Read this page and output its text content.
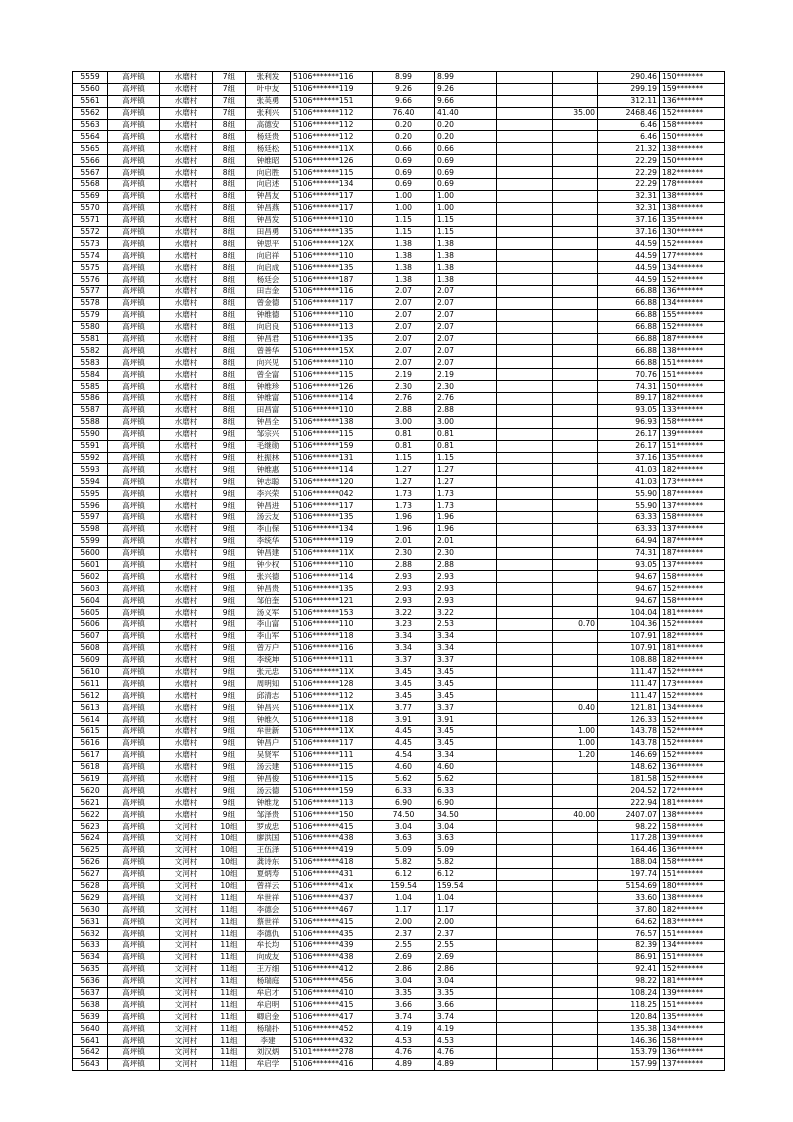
5559	高坪镇	水磨村	7组	张利发	5106*******116	8.99	8.99			290.46	150*******
5560	高坪镇	水磨村	7组	叶中友	5106*******119	9.26	9.26			299.19	159*******
5561	高坪镇	水磨村	7组	张英勇	5106*******151	9.66	9.66			312.11	136*******
5562	高坪镇	水磨村	7组	张利兴	5106*******112	76.40	41.40		35.00	2468.46	152*******
5563	高坪镇	水磨村	8组	高德安	5106*******112	0.20	0.20			6.46	158*******
5564	高坪镇	水磨村	8组	杨廷贵	5106*******112	0.20	0.20			6.46	150*******
5565	高坪镇	水磨村	8组	杨廷松	5106*******11X	0.66	0.66			21.32	138*******
5566	高坪镇	水磨村	8组	钟维昭	5106*******126	0.69	0.69			22.29	150*******
5567	高坪镇	水磨村	8组	向启胜	5106*******115	0.69	0.69			22.29	182*******
5568	高坪镇	水磨村	8组	向启述	5106*******134	0.69	0.69			22.29	178*******
5569	高坪镇	水磨村	8组	钟昌友	5106*******117	1.00	1.00			32.31	138*******
5570	高坪镇	水磨村	8组	钟昌燕	5106*******117	1.00	1.00			32.31	138*******
5571	高坪镇	水磨村	8组	钟昌发	5106*******110	1.15	1.15			37.16	135*******
5572	高坪镇	水磨村	8组	田昌勇	5106*******135	1.15	1.15			37.16	130*******
5573	高坪镇	水磨村	8组	钟思平	5106*******12X	1.38	1.38			44.59	152*******
5574	高坪镇	水磨村	8组	向启祥	5106*******110	1.38	1.38			44.59	177*******
5575	高坪镇	水磨村	8组	向启成	5106*******135	1.38	1.38			44.59	134*******
5576	高坪镇	水磨村	8组	杨廷会	5106*******187	1.38	1.38			44.59	152*******
5577	高坪镇	水磨村	8组	田吉金	5106*******116	2.07	2.07			66.88	136*******
5578	高坪镇	水磨村	8组	曾金德	5106*******117	2.07	2.07			66.88	134*******
5579	高坪镇	水磨村	8组	钟维德	5106*******110	2.07	2.07			66.88	155*******
5580	高坪镇	水磨村	8组	向启良	5106*******113	2.07	2.07			66.88	152*******
5581	高坪镇	水磨村	8组	钟昌君	5106*******135	2.07	2.07			66.88	187*******
5582	高坪镇	水磨村	8组	曾善华	5106*******15X	2.07	2.07			66.88	138*******
5583	高坪镇	水磨村	8组	向兴见	5106*******110	2.07	2.07			66.88	151*******
5584	高坪镇	水磨村	8组	曾全富	5106*******115	2.19	2.19			70.76	151*******
5585	高坪镇	水磨村	8组	钟维珍	5106*******126	2.30	2.30			74.31	150*******
5586	高坪镇	水磨村	8组	钟维富	5106*******114	2.76	2.76			89.17	182*******
5587	高坪镇	水磨村	8组	田昌富	5106*******110	2.88	2.88			93.05	133*******
5588	高坪镇	水磨村	8组	钟昌全	5106*******138	3.00	3.00			96.93	158*******
5590	高坪镇	水磨村	9组	邹宗兴	5106*******115	0.81	0.81			26.17	139*******
5591	高坪镇	水磨村	9组	毛继勋	5106*******159	0.81	0.81			26.17	151*******
5592	高坪镇	水磨村	9组	杜振林	5106*******131	1.15	1.15			37.16	135*******
5593	高坪镇	水磨村	9组	钟维惠	5106*******114	1.27	1.27			41.03	182*******
5594	高坪镇	水磨村	9组	钟志聪	5106*******120	1.27	1.27			41.03	173*******
5595	高坪镇	水磨村	9组	李兴荣	5106*******042	1.73	1.73			55.90	187*******
5596	高坪镇	水磨村	9组	钟昌进	5106*******117	1.73	1.73			55.90	137*******
5597	高坪镇	水磨村	9组	汤云友	5106*******135	1.96	1.96			63.33	158*******
5598	高坪镇	水磨村	9组	李山保	5106*******134	1.96	1.96			63.33	137*******
5599	高坪镇	水磨村	9组	李统华	5106*******119	2.01	2.01			64.94	187*******
5600	高坪镇	水磨村	9组	钟昌建	5106*******11X	2.30	2.30			74.31	187*******
5601	高坪镇	水磨村	9组	钟少权	5106*******110	2.88	2.88			93.05	137*******
5602	高坪镇	水磨村	9组	张兴德	5106*******114	2.93	2.93			94.67	158*******
5603	高坪镇	水磨村	9组	钟昌贵	5106*******135	2.93	2.93			94.67	152*******
5604	高坪镇	水磨村	9组	邹伯奎	5106*******121	2.93	2.93			94.67	158*******
5605	高坪镇	水磨村	9组	汤义军	5106*******153	3.22	3.22			104.04	181*******
5606	高坪镇	水磨村	9组	李山富	5106*******110	3.23	2.53		0.70	104.36	152*******
5607	高坪镇	水磨村	9组	李山军	5106*******118	3.34	3.34			107.91	182*******
5608	高坪镇	水磨村	9组	曾万户	5106*******116	3.34	3.34			107.91	181*******
5609	高坪镇	水磨村	9组	李统坤	5106*******111	3.37	3.37			108.88	182*******
5610	高坪镇	水磨村	9组	张元忠	5106*******11X	3.45	3.45			111.47	152*******
5611	高坪镇	水磨村	9组	周明知	5106*******128	3.45	3.45			111.47	173*******
5612	高坪镇	水磨村	9组	邱清志	5106*******112	3.45	3.45			111.47	152*******
5613	高坪镇	水磨村	9组	钟昌兴	5106*******11X	3.77	3.37		0.40	121.81	134*******
5614	高坪镇	水磨村	9组	钟维久	5106*******118	3.91	3.91			126.33	152*******
5615	高坪镇	水磨村	9组	牟世新	5106*******11X	4.45	3.45		1.00	143.78	152*******
5616	高坪镇	水磨村	9组	钟昌户	5106*******117	4.45	3.45		1.00	143.78	152*******
5617	高坪镇	水磨村	9组	吴贤军	5106*******111	4.54	3.34		1.20	146.69	152*******
5618	高坪镇	水磨村	9组	汤云建	5106*******115	4.60	4.60			148.62	136*******
5619	高坪镇	水磨村	9组	钟昌俊	5106*******115	5.62	5.62			181.58	152*******
5620	高坪镇	水磨村	9组	汤云德	5106*******159	6.33	6.33			204.52	172*******
5621	高坪镇	水磨村	9组	钟维龙	5106*******113	6.90	6.90			222.94	181*******
5622	高坪镇	水磨村	9组	邹泽贵	5106*******150	74.50	34.50		40.00	2407.07	138*******
5623	高坪镇	文河村	10组	罗成忠	5106*******415	3.04	3.04			98.22	158*******
5624	高坪镇	文河村	10组	廖洪国	5106*******438	3.63	3.63			117.28	139*******
5625	高坪镇	文河村	10组	王伍泽	5106*******419	5.09	5.09			164.46	136*******
5626	高坪镇	文河村	10组	龚诗东	5106*******418	5.82	5.82			188.04	158*******
5627	高坪镇	文河村	10组	夏炳寿	5106*******431	6.12	6.12			197.74	151*******
5628	高坪镇	文河村	10组	曾祥云	5106*******41x	159.54	159.54			5154.69	180*******
5629	高坪镇	文河村	11组	牟世祥	5106*******437	1.04	1.04			33.60	138*******
5630	高坪镇	文河村	11组	李德会	5106*******467	1.17	1.17			37.80	182*******
5631	高坪镇	文河村	11组	蔡世祥	5106*******415	2.00	2.00			64.62	183*******
5632	高坪镇	文河村	11组	李德仇	5106*******435	2.37	2.37			76.57	151*******
5633	高坪镇	文河村	11组	牟长均	5106*******439	2.55	2.55			82.39	134*******
5634	高坪镇	文河村	11组	向成友	5106*******438	2.69	2.69			86.91	151*******
5635	高坪镇	文河村	11组	王万细	5106*******412	2.86	2.86			92.41	152*******
5636	高坪镇	文河村	11组	杨瑞庭	5106*******456	3.04	3.04			98.22	181*******
5637	高坪镇	文河村	11组	牟启才	5106*******410	3.35	3.35			108.24	139*******
5638	高坪镇	文河村	11组	牟启明	5106*******415	3.66	3.66			118.25	151*******
5639	高坪镇	文河村	11组	卿启金	5106*******417	3.74	3.74			120.84	135*******
5640	高坪镇	文河村	11组	杨瑞扑	5106*******452	4.19	4.19			135.38	134*******
5641	高坪镇	文河村	11组	李建	5106*******432	4.53	4.53			146.36	158*******
5642	高坪镇	文河村	11组	刘汉炳	5101*******278	4.76	4.76			153.79	136*******
5643	高坪镇	文河村	11组	牟启学	5106*******416	4.89	4.89			157.99	137*******
